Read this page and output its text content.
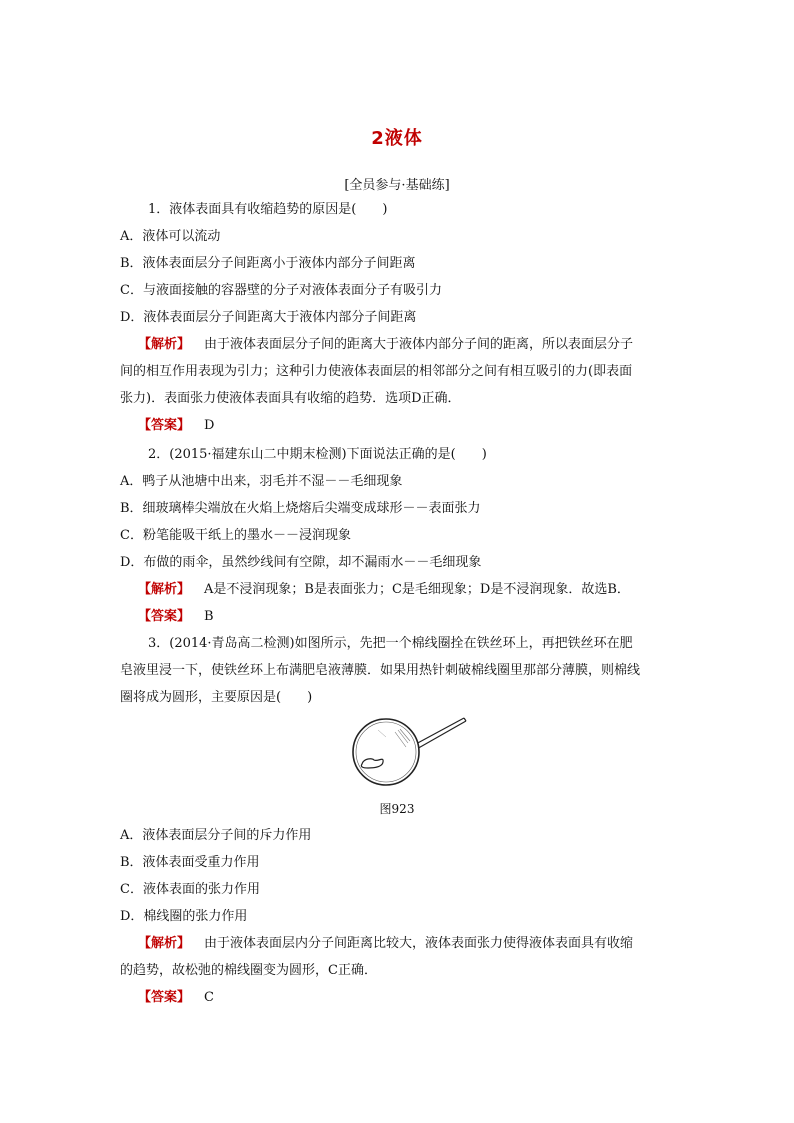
2液体
[全员参与·基础练]
1．液体表面具有收缩趋势的原因是(　　)
A．液体可以流动
B．液体表面层分子间距离小于液体内部分子间距离
C．与液面接触的容器壁的分子对液体表面分子有吸引力
D．液体表面层分子间距离大于液体内部分子间距离
【解析】 由于液体表面层分子间的距离大于液体内部分子间的距离，所以表面层分子
间的相互作用表现为引力；这种引力使液体表面层的相邻部分之间有相互吸引的力(即表面
张力)．表面张力使液体表面具有收缩的趋势．选项D正确．
【答案】 D
2．(2015·福建东山二中期末检测)下面说法正确的是(　　)
A．鸭子从池塘中出来，羽毛并不湿－－毛细现象
B．细玻璃棒尖端放在火焰上烧熔后尖端变成球形－－表面张力
C．粉笔能吸干纸上的墨水－－浸润现象
D．布做的雨伞，虽然纱线间有空隙，却不漏雨水－－毛细现象
【解析】 A是不浸润现象；B是表面张力；C是毛细现象；D是不浸润现象．故选B．
【答案】 B
3．(2014·青岛高二检测)如图所示，先把一个棉线圈拴在铁丝环上，再把铁丝环在肥
皂液里浸一下，使铁丝环上布满肥皂液薄膜．如果用热针刺破棉线圈里那部分薄膜，则棉线
圈将成为圆形，主要原因是(　　)
图923
A．液体表面层分子间的斥力作用
B．液体表面受重力作用
C．液体表面的张力作用
D．棉线圈的张力作用
【解析】 由于液体表面层内分子间距离比较大，液体表面张力使得液体表面具有收缩
的趋势，故松弛的棉线圈变为圆形，C正确．
【答案】 C
